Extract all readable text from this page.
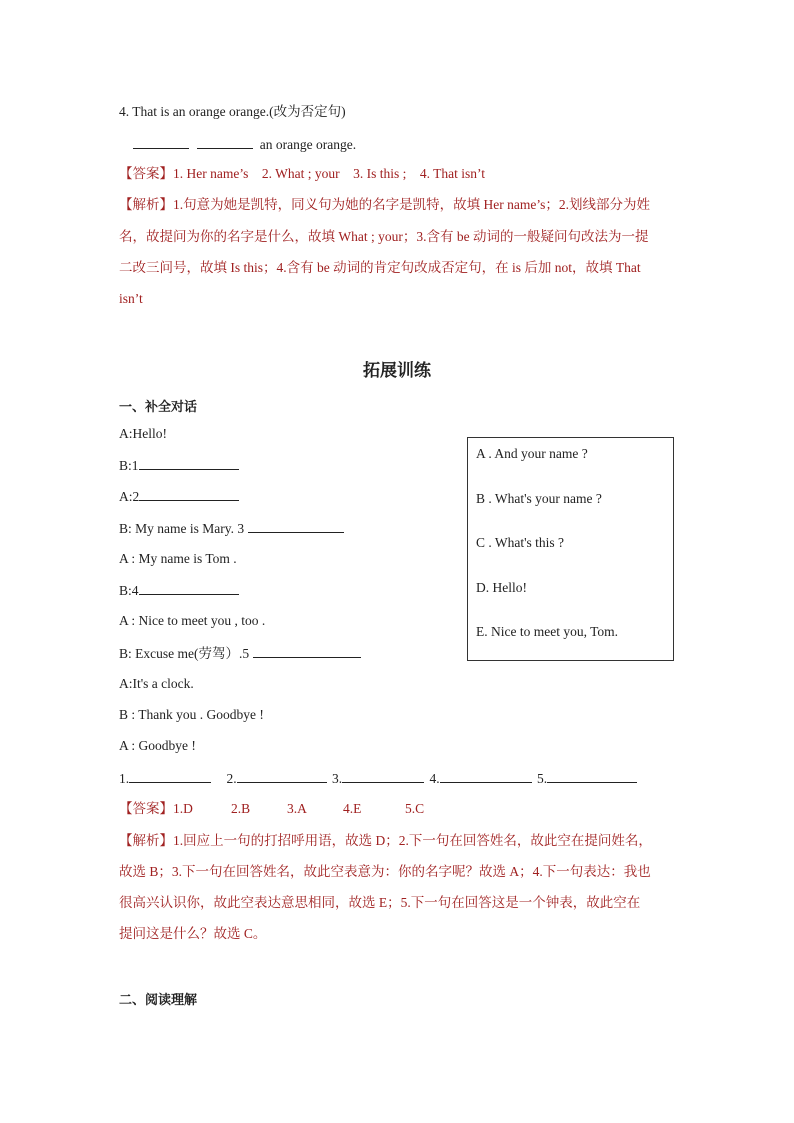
4. That is an orange orange.(改为否定句)
an orange orange.
【答案】1. Her name’s    2. What ; your    3. Is this ;    4. That isn’t
【解析】1.句意为她是凯特，同义句为她的名字是凯特，故填 Her name’s；2.划线部分为姓
名，故提问为你的名字是什么，故填 What ; your；3.含有 be 动词的一般疑问句改法为一提
二改三问号，故填 Is this；4.含有 be 动词的肯定句改成否定句，在 is 后加 not，故填 That
isn’t
拓展训练
一、补全对话
A:Hello!
B:1
A:2
B: My name is Mary. 3
A : My name is Tom .
B:4
A : Nice to meet you , too .
B: Excuse me(劳驾）.5
A:It's a clock.
B : Thank you . Goodbye !
A : Goodbye !
A . And your name ?
B . What's your name ?
C . What's this ?
D. Hello!
E. Nice to meet you, Tom.
1.	2.	3.	4.	5.
【答案】1.D	2.B	3.A	4.E	5.C
【解析】1.回应上一句的打招呼用语，故选 D；2.下一句在回答姓名，故此空在提问姓名，
故选 B；3.下一句在回答姓名，故此空表意为：你的名字呢？故选 A；4.下一句表达：我也
很高兴认识你，故此空表达意思相同，故选 E；5.下一句在回答这是一个钟表，故此空在
提问这是什么？故选 C。
二、阅读理解
